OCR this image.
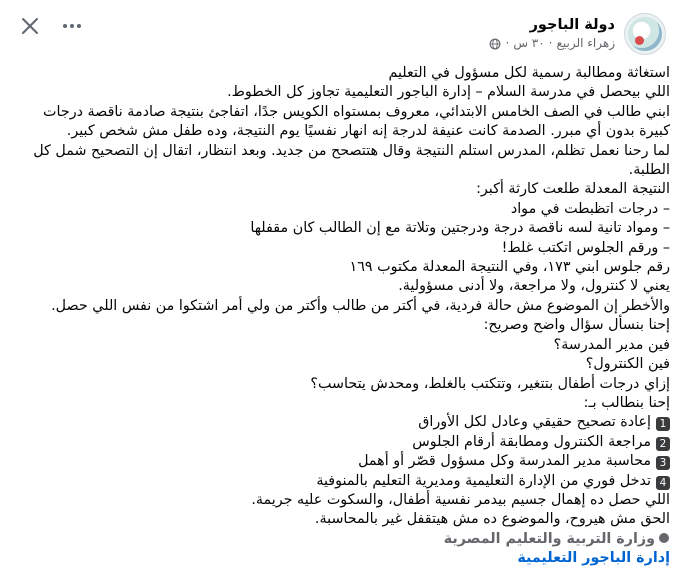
دولة الباجور
زهراء الربيع
·
٣٠ س
·
استغاثة ومطالبة رسمية لكل مسؤول في التعليم
اللي بيحصل في مدرسة السلام – إدارة الباجور التعليمية تجاوز كل الخطوط.
ابني طالب في الصف الخامس الابتدائي، معروف بمستواه الكويس جدًا، اتفاجئ بنتيجة صادمة ناقصة درجات
كبيرة بدون أي مبرر. الصدمة كانت عنيفة لدرجة إنه انهار نفسيًا يوم النتيجة، وده طفل مش شخص كبير.
لما رحنا نعمل تظلم، المدرس استلم النتيجة وقال هتتصحح من جديد. وبعد انتظار، اتقال إن التصحيح شمل كل
الطلبة.
النتيجة المعدلة طلعت كارثة أكبر:
– درجات اتظبطت في مواد
– ومواد تانية لسه ناقصة درجة ودرجتين وتلاتة مع إن الطالب كان مقفلها
– ورقم الجلوس اتكتب غلط!
رقم جلوس ابني ١٧٣، وفي النتيجة المعدلة مكتوب ١٦٩
يعني لا كنترول، ولا مراجعة، ولا أدنى مسؤولية.
والأخطر إن الموضوع مش حالة فردية، في أكتر من طالب وأكتر من ولي أمر اشتكوا من نفس اللي حصل.
إحنا بنسأل سؤال واضح وصريح:
فين مدير المدرسة؟
فين الكنترول؟
إزاي درجات أطفال بتتغير، وتتكتب بالغلط، ومحدش يتحاسب؟
إحنا بنطالب بـ:
1إعادة تصحيح حقيقي وعادل لكل الأوراق
2مراجعة الكنترول ومطابقة أرقام الجلوس
3محاسبة مدير المدرسة وكل مسؤول قصّر أو أهمل
4تدخل فوري من الإدارة التعليمية ومديرية التعليم بالمنوفية
اللي حصل ده إهمال جسيم بيدمر نفسية أطفال، والسكوت عليه جريمة.
الحق مش هيروح، والموضوع ده مش هيتقفل غير بالمحاسبة.
وزارة التربية والتعليم المصرية
إدارة الباجور التعليمية
